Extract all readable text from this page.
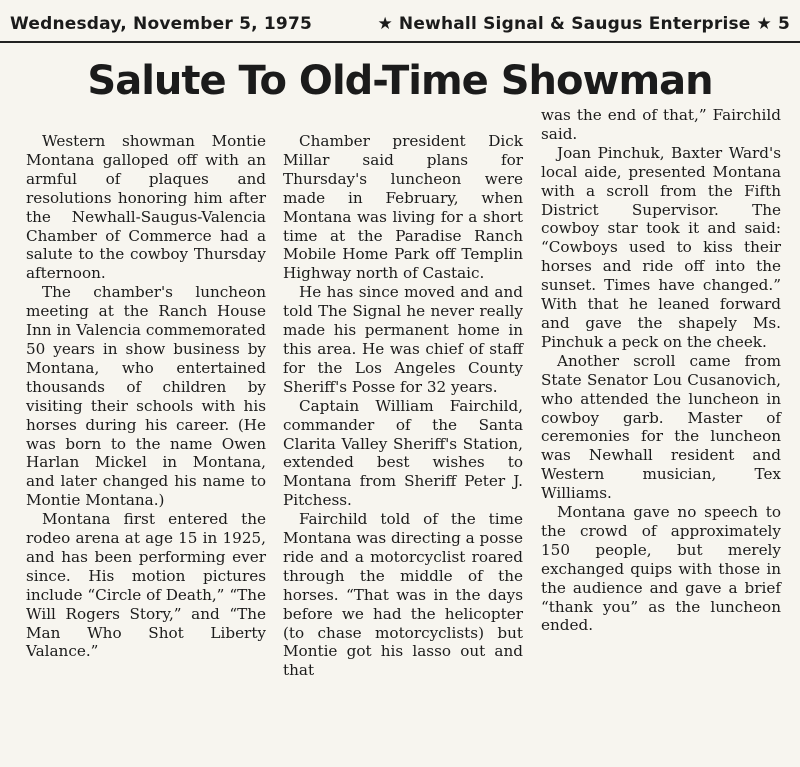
Wednesday, November 5, 1975	★ Newhall Signal & Saugus Enterprise ★ 5
Salute To Old-Time Showman

Western showman Montie Montana galloped off with an armful of plaques and resolutions honoring him after the Newhall-Saugus-Valencia Chamber of Commerce had a salute to the cowboy Thursday afternoon.

The chamber's luncheon meeting at the Ranch House Inn in Valencia commemorated 50 years in show business by Montana, who entertained thousands of children by visiting their schools with his horses during his career. (He was born to the name Owen Harlan Mickel in Montana, and later changed his name to Montie Montana.)

Montana first entered the rodeo arena at age 15 in 1925, and has been performing ever since. His motion pictures include “Circle of Death,” “The Will Rogers Story,” and “The Man Who Shot Liberty Valance.”

Chamber president Dick Millar said plans for Thursday's luncheon were made in February, when Montana was living for a short time at the Paradise Ranch Mobile Home Park off Templin Highway north of Castaic.

He has since moved and and told The Signal he never really made his permanent home in this area. He was chief of staff for the Los Angeles County Sheriff's Posse for 32 years.

Captain William Fairchild, commander of the Santa Clarita Valley Sheriff's Station, extended best wishes to Montana from Sheriff Peter J. Pitchess.

Fairchild told of the time Montana was directing a posse ride and a motorcyclist roared through the middle of the horses. “That was in the days before we had the helicopter (to chase motorcyclists) but Montie got his lasso out and that

was the end of that,” Fairchild said.

Joan Pinchuk, Baxter Ward's local aide, presented Montana with a scroll from the Fifth District Supervisor. The cowboy star took it and said: “Cowboys used to kiss their horses and ride off into the sunset. Times have changed.” With that he leaned forward and gave the shapely Ms. Pinchuk a peck on the cheek.

Another scroll came from State Senator Lou Cusanovich, who attended the luncheon in cowboy garb. Master of ceremonies for the luncheon was Newhall resident and Western musician, Tex Williams.

Montana gave no speech to the crowd of approximately 150 people, but merely exchanged quips with those in the audience and gave a brief “thank you” as the luncheon ended.
